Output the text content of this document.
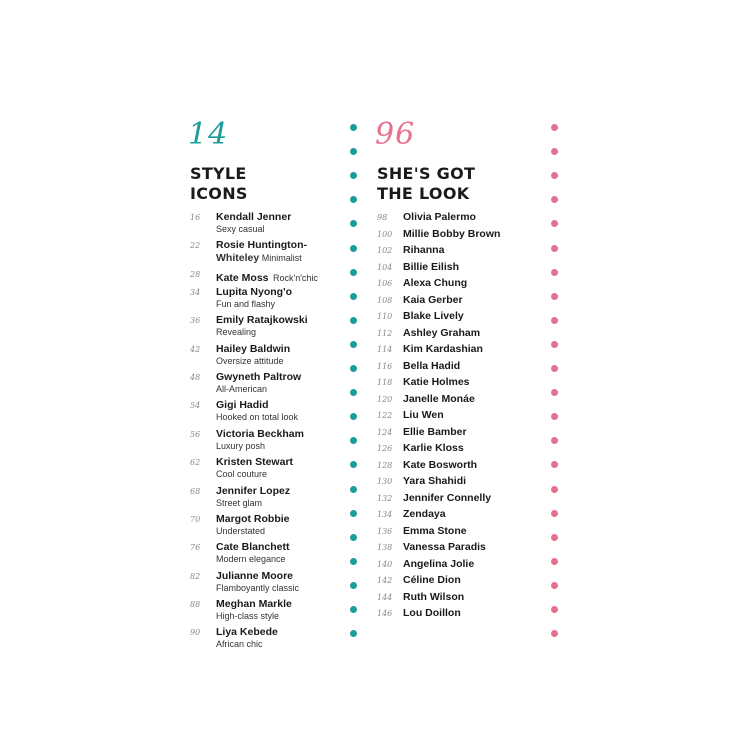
14
STYLE
ICONS
16	Kendall Jenner
Sexy casual
22	Rosie Huntington-
Whiteley Minimalist
28	Kate Moss Rock'n'chic
34	Lupita Nyong'o
Fun and flashy
36	Emily Ratajkowski
Revealing
42	Hailey Baldwin
Oversize attitude
48	Gwyneth Paltrow
All-American
54	Gigi Hadid
Hooked on total look
56	Victoria Beckham
Luxury posh
62	Kristen Stewart
Cool couture
68	Jennifer Lopez
Street glam
70	Margot Robbie
Understated
76	Cate Blanchett
Modern elegance
82	Julianne Moore
Flamboyantly classic
88	Meghan Markle
High-class style
90	Liya Kebede
African chic
96
SHE'S GOT
THE LOOK
98	Olivia Palermo
100	Millie Bobby Brown
102	Rihanna
104	Billie Eilish
106	Alexa Chung
108	Kaia Gerber
110	Blake Lively
112	Ashley Graham
114	Kim Kardashian
116	Bella Hadid
118	Katie Holmes
120	Janelle Monáe
122	Liu Wen
124	Ellie Bamber
126	Karlie Kloss
128	Kate Bosworth
130	Yara Shahidi
132	Jennifer Connelly
134	Zendaya
136	Emma Stone
138	Vanessa Paradis
140	Angelina Jolie
142	Céline Dion
144	Ruth Wilson
146	Lou Doillon
